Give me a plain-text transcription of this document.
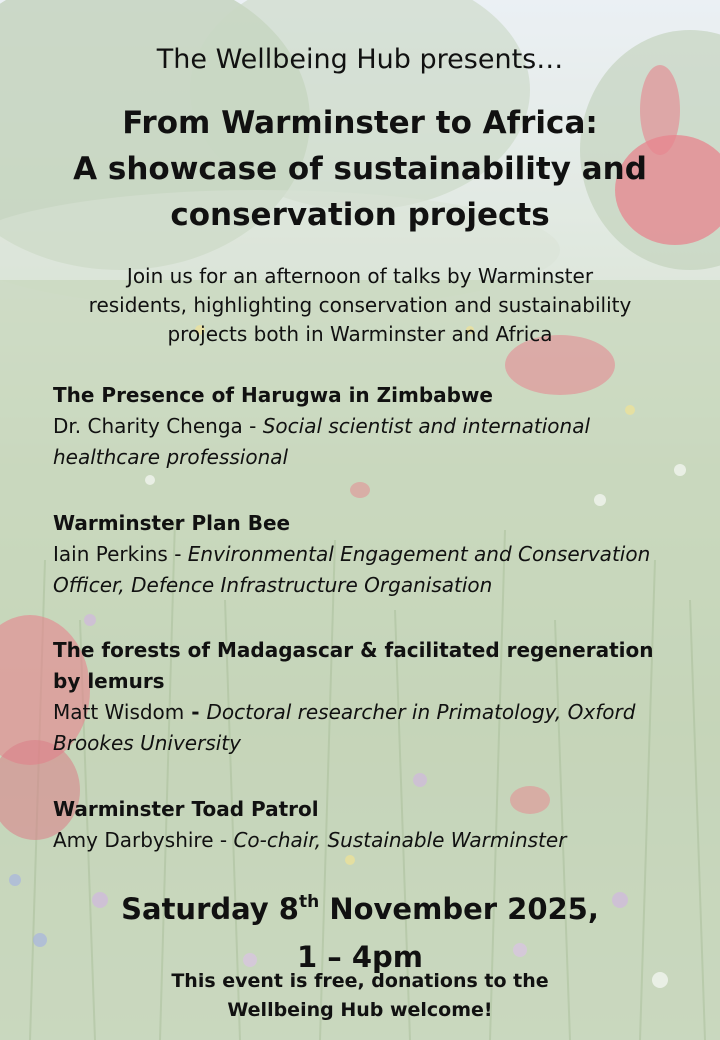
The Wellbeing Hub presents…
From Warminster to Africa:
A showcase of sustainability and
conservation projects
Join us for an afternoon of talks by Warminster
residents, highlighting conservation and sustainability
projects both in Warminster and Africa
The Presence of Harugwa in Zimbabwe
Dr. Charity Chenga - Social scientist and international
healthcare professional
Warminster Plan Bee
Iain Perkins - Environmental Engagement and Conservation
Officer, Defence Infrastructure Organisation
The forests of Madagascar & facilitated regeneration
by lemurs
Matt Wisdom - Doctoral researcher in Primatology, Oxford
Brookes University
Warminster Toad Patrol
Amy Darbyshire - Co-chair, Sustainable Warminster
Saturday 8th November 2025,
1 – 4pm
This event is free, donations to the
Wellbeing Hub welcome!
